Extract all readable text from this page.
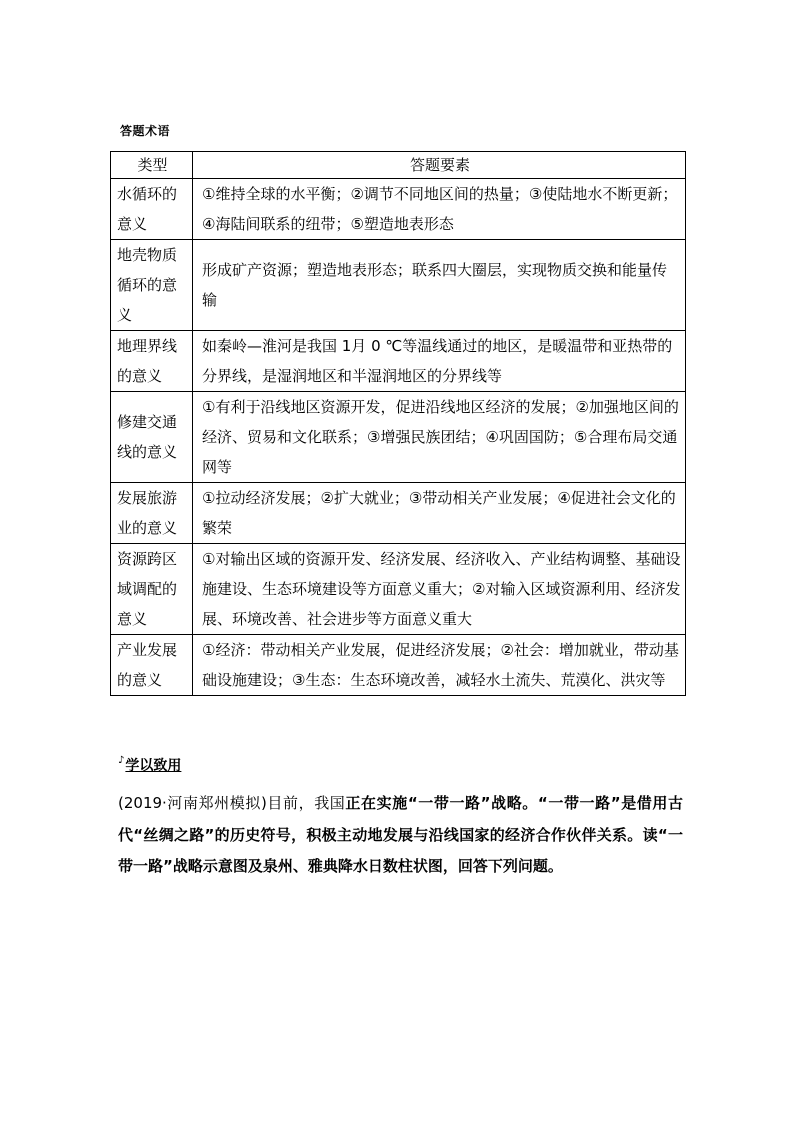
答题术语
类型	答题要素
水循环的意义	①维持全球的水平衡；②调节不同地区间的热量；③使陆地水不断更新；④海陆间联系的纽带；⑤塑造地表形态
地壳物质循环的意义	形成矿产资源；塑造地表形态；联系四大圈层，实现物质交换和能量传输
地理界线的意义	如秦岭—淮河是我国 1月 0 ℃等温线通过的地区，是暖温带和亚热带的分界线，是湿润地区和半湿润地区的分界线等
修建交通线的意义	①有利于沿线地区资源开发，促进沿线地区经济的发展；②加强地区间的经济、贸易和文化联系；③增强民族团结；④巩固国防；⑤合理布局交通网等
发展旅游业的意义	①拉动经济发展；②扩大就业；③带动相关产业发展；④促进社会文化的繁荣
资源跨区域调配的意义	①对输出区域的资源开发、经济发展、经济收入、产业结构调整、基础设施建设、生态环境建设等方面意义重大；②对输入区域资源利用、经济发展、环境改善、社会进步等方面意义重大
产业发展的意义	①经济：带动相关产业发展，促进经济发展；②社会：增加就业，带动基础设施建设；③生态：生态环境改善，减轻水土流失、荒漠化、洪灾等
♪学以致用
(2019·河南郑州模拟)目前，我国正在实施“一带一路”战略。“一带一路”是借用古代“丝绸之路”的历史符号，积极主动地发展与沿线国家的经济合作伙伴关系。读“一带一路”战略示意图及泉州、雅典降水日数柱状图，回答下列问题。
